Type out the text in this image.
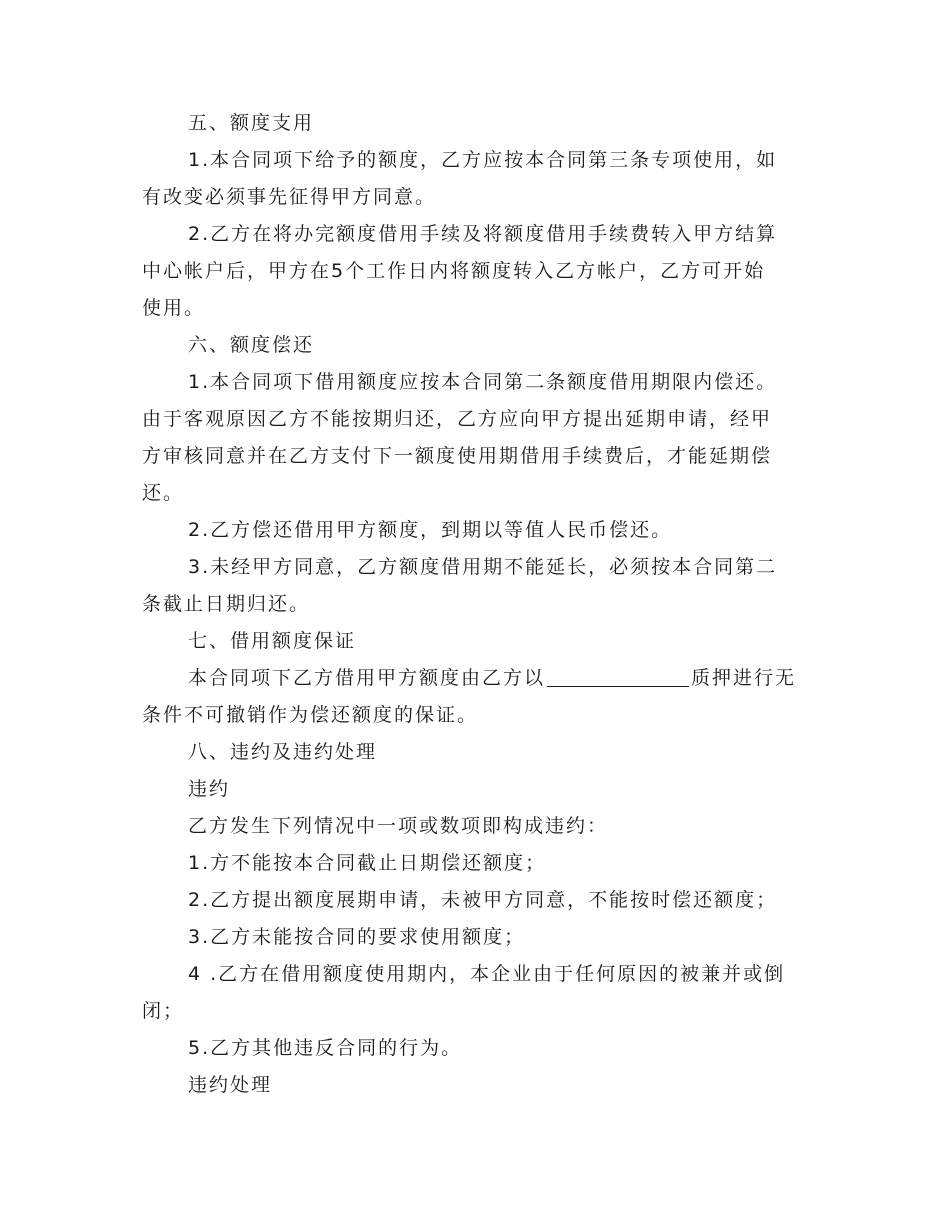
五、额度支用
1.本合同项下给予的额度，乙方应按本合同第三条专项使用，如
有改变必须事先征得甲方同意。
2.乙方在将办完额度借用手续及将额度借用手续费转入甲方结算
中心帐户后，甲方在5个工作日内将额度转入乙方帐户，乙方可开始
使用。
六、额度偿还
1.本合同项下借用额度应按本合同第二条额度借用期限内偿还。
由于客观原因乙方不能按期归还，乙方应向甲方提出延期申请，经甲
方审核同意并在乙方支付下一额度使用期借用手续费后，才能延期偿
还。
2.乙方偿还借用甲方额度，到期以等值人民币偿还。
3.未经甲方同意，乙方额度借用期不能延长，必须按本合同第二
条截止日期归还。
七、借用额度保证
本合同项下乙方借用甲方额度由乙方以	质押进行无
条件不可撤销作为偿还额度的保证。
八、违约及违约处理
违约
乙方发生下列情况中一项或数项即构成违约：
1.方不能按本合同截止日期偿还额度；
2.乙方提出额度展期申请，未被甲方同意，不能按时偿还额度；
3.乙方未能按合同的要求使用额度；
4 .乙方在借用额度使用期内，本企业由于任何原因的被兼并或倒
闭；
5.乙方其他违反合同的行为。
违约处理
